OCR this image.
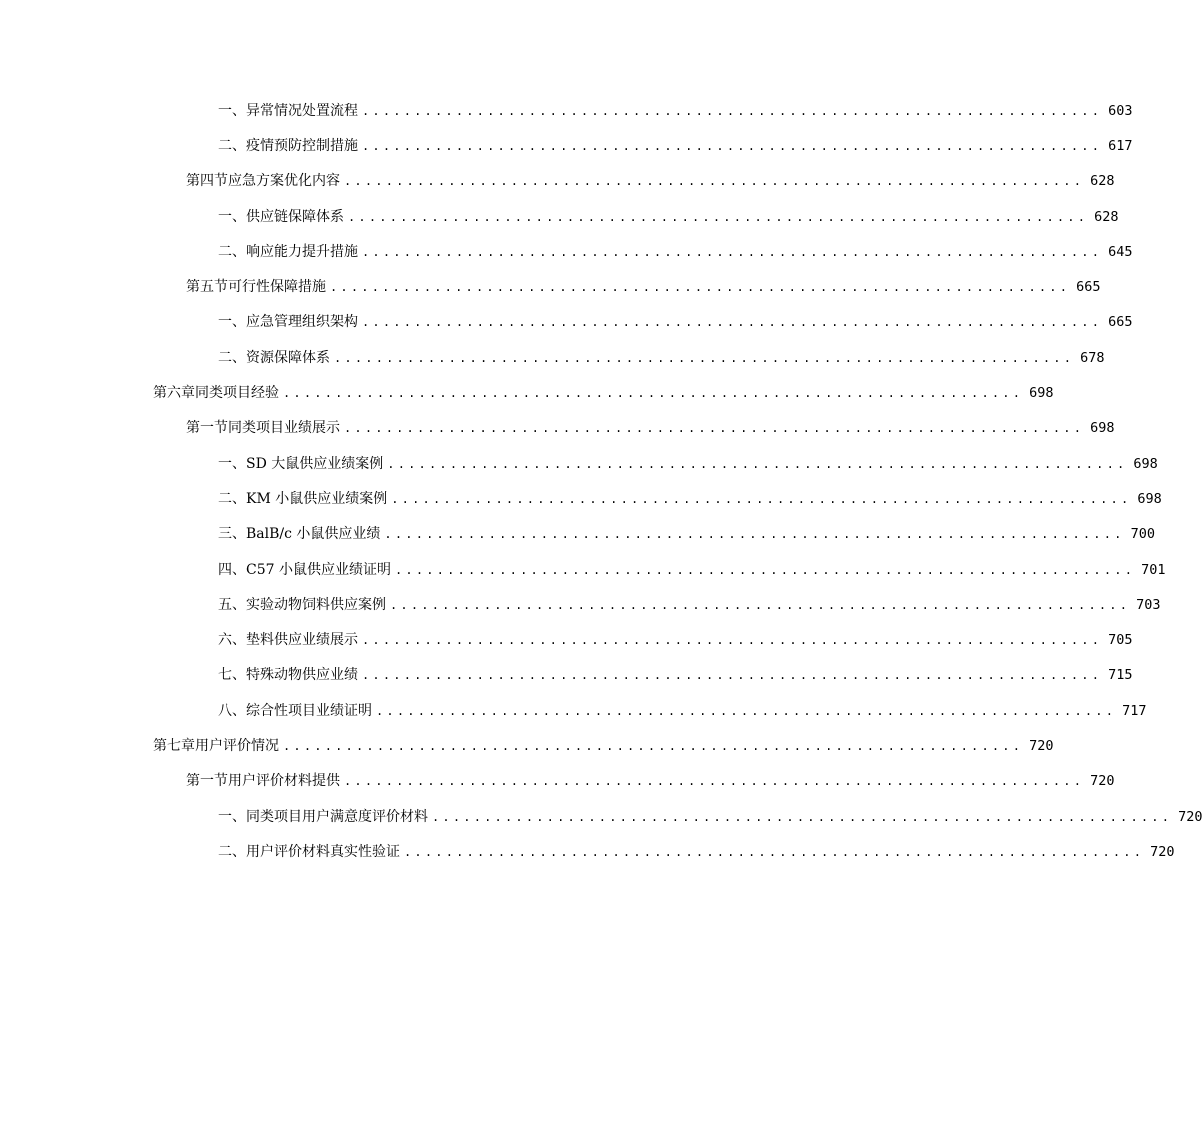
一、 异常情况处置流程 ....................................................................... 603
二、 疫情预防控制措施 ....................................................................... 617
第四节 应急方案优化内容 ....................................................................... 628
一、 供应链保障体系 ....................................................................... 628
二、 响应能力提升措施 ....................................................................... 645
第五节 可行性保障措施 ....................................................................... 665
一、 应急管理组织架构 ....................................................................... 665
二、 资源保障体系 ....................................................................... 678
第六章 同类项目经验 ....................................................................... 698
第一节 同类项目业绩展示 ....................................................................... 698
一、 SD 大鼠供应业绩案例 ....................................................................... 698
二、 KM 小鼠供应业绩案例 ....................................................................... 698
三、 BalB/c 小鼠供应业绩 ....................................................................... 700
四、 C57 小鼠供应业绩证明 ....................................................................... 701
五、 实验动物饲料供应案例 ....................................................................... 703
六、 垫料供应业绩展示 ....................................................................... 705
七、 特殊动物供应业绩 ....................................................................... 715
八、 综合性项目业绩证明 ....................................................................... 717
第七章 用户评价情况 ....................................................................... 720
第一节 用户评价材料提供 ....................................................................... 720
一、 同类项目用户满意度评价材料 ....................................................................... 720
二、 用户评价材料真实性验证 ....................................................................... 720
